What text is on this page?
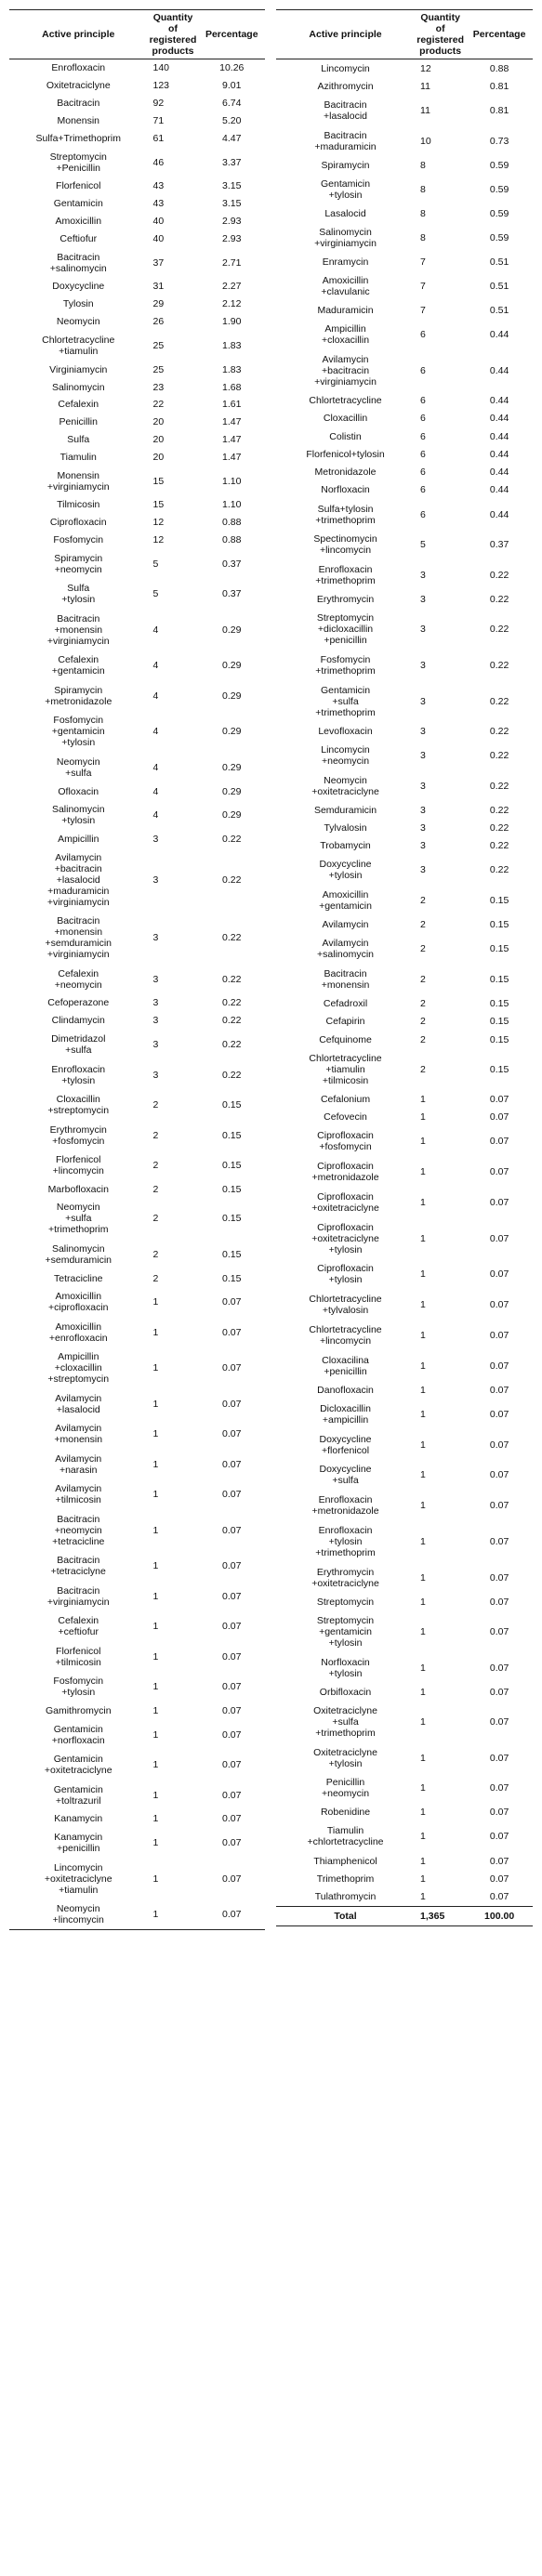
Active principle	Quantity of registered products	Percentage
Enrofloxacin	140	10.26
Oxitetraciclyne	123	9.01
Bacitracin	92	6.74
Monensin	71	5.20
Sulfa+Trimethoprim	61	4.47
Streptomycin
+Penicillin	46	3.37
Florfenicol	43	3.15
Gentamicin	43	3.15
Amoxicillin	40	2.93
Ceftiofur	40	2.93
Bacitracin
+salinomycin	37	2.71
Doxycycline	31	2.27
Tylosin	29	2.12
Neomycin	26	1.90
Chlortetracycline
+tiamulin	25	1.83
Virginiamycin	25	1.83
Salinomycin	23	1.68
Cefalexin	22	1.61
Penicillin	20	1.47
Sulfa	20	1.47
Tiamulin	20	1.47
Monensin
+virginiamycin	15	1.10
Tilmicosin	15	1.10
Ciprofloxacin	12	0.88
Fosfomycin	12	0.88
Spiramycin
+neomycin	5	0.37
Sulfa
+tylosin	5	0.37
Bacitracin
+monensin
+virginiamycin	4	0.29
Cefalexin
+gentamicin	4	0.29
Spiramycin
+metronidazole	4	0.29
Fosfomycin
+gentamicin
+tylosin	4	0.29
Neomycin
+sulfa	4	0.29
Ofloxacin	4	0.29
Salinomycin
+tylosin	4	0.29
Ampicillin	3	0.22
Avilamycin
+bacitracin
+lasalocid
+maduramicin
+virginiamycin	3	0.22
Bacitracin
+monensin
+semduramicin
+virginiamycin	3	0.22
Cefalexin
+neomycin	3	0.22
Cefoperazone	3	0.22
Clindamycin	3	0.22
Dimetridazol
+sulfa	3	0.22
Enrofloxacin
+tylosin	3	0.22
Cloxacillin
+streptomycin	2	0.15
Erythromycin
+fosfomycin	2	0.15
Florfenicol
+lincomycin	2	0.15
Marbofloxacin	2	0.15
Neomycin
+sulfa
+trimethoprim	2	0.15
Salinomycin
+semduramicin	2	0.15
Tetracicline	2	0.15
Amoxicillin
+ciprofloxacin	1	0.07
Amoxicillin
+enrofloxacin	1	0.07
Ampicillin
+cloxacillin
+streptomycin	1	0.07
Avilamycin
+lasalocid	1	0.07
Avilamycin
+monensin	1	0.07
Avilamycin
+narasin	1	0.07
Avilamycin
+tilmicosin	1	0.07
Bacitracin
+neomycin
+tetracicline	1	0.07
Bacitracin
+tetraciclyne	1	0.07
Bacitracin
+virginiamycin	1	0.07
Cefalexin
+ceftiofur	1	0.07
Florfenicol
+tilmicosin	1	0.07
Fosfomycin
+tylosin	1	0.07
Gamithromycin	1	0.07
Gentamicin
+norfloxacin	1	0.07
Gentamicin
+oxitetraciclyne	1	0.07
Gentamicin
+toltrazuril	1	0.07
Kanamycin	1	0.07
Kanamycin
+penicillin	1	0.07
Lincomycin
+oxitetraciclyne
+tiamulin	1	0.07
Neomycin
+lincomycin	1	0.07
Active principle	Quantity of registered products	Percentage
Lincomycin	12	0.88
Azithromycin	11	0.81
Bacitracin
+lasalocid	11	0.81
Bacitracin
+maduramicin	10	0.73
Spiramycin	8	0.59
Gentamicin
+tylosin	8	0.59
Lasalocid	8	0.59
Salinomycin
+virginiamycin	8	0.59
Enramycin	7	0.51
Amoxicillin
+clavulanic	7	0.51
Maduramicin	7	0.51
Ampicillin
+cloxacillin	6	0.44
Avilamycin
+bacitracin
+virginiamycin	6	0.44
Chlortetracycline	6	0.44
Cloxacillin	6	0.44
Colistin	6	0.44
Florfenicol+tylosin	6	0.44
Metronidazole	6	0.44
Norfloxacin	6	0.44
Sulfa+tylosin
+trimethoprim	6	0.44
Spectinomycin
+lincomycin	5	0.37
Enrofloxacin
+trimethoprim	3	0.22
Erythromycin	3	0.22
Streptomycin
+dicloxacillin
+penicillin	3	0.22
Fosfomycin
+trimethoprim	3	0.22
Gentamicin
+sulfa
+trimethoprim	3	0.22
Levofloxacin	3	0.22
Lincomycin
+neomycin	3	0.22
Neomycin
+oxitetraciclyne	3	0.22
Semduramicin	3	0.22
Tylvalosin	3	0.22
Trobamycin	3	0.22
Doxycycline
+tylosin	3	0.22
Amoxicillin
+gentamicin	2	0.15
Avilamycin	2	0.15
Avilamycin
+salinomycin	2	0.15
Bacitracin
+monensin	2	0.15
Cefadroxil	2	0.15
Cefapirin	2	0.15
Cefquinome	2	0.15
Chlortetracycline
+tiamulin
+tilmicosin	2	0.15
Cefalonium	1	0.07
Cefovecin	1	0.07
Ciprofloxacin
+fosfomycin	1	0.07
Ciprofloxacin
+metronidazole	1	0.07
Ciprofloxacin
+oxitetraciclyne	1	0.07
Ciprofloxacin
+oxitetraciclyne
+tylosin	1	0.07
Ciprofloxacin
+tylosin	1	0.07
Chlortetracycline
+tylvalosin	1	0.07
Chlortetracycline
+lincomycin	1	0.07
Cloxacilina
+penicillin	1	0.07
Danofloxacin	1	0.07
Dicloxacillin
+ampicillin	1	0.07
Doxycycline
+florfenicol	1	0.07
Doxycycline
+sulfa	1	0.07
Enrofloxacin
+metronidazole	1	0.07
Enrofloxacin
+tylosin
+trimethoprim	1	0.07
Erythromycin
+oxitetraciclyne	1	0.07
Streptomycin	1	0.07
Streptomycin
+gentamicin
+tylosin	1	0.07
Norfloxacin
+tylosin	1	0.07
Orbifloxacin	1	0.07
Oxitetraciclyne
+sulfa
+trimethoprim	1	0.07
Oxitetraciclyne
+tylosin	1	0.07
Penicillin
+neomycin	1	0.07
Robenidine	1	0.07
Tiamulin
+chlortetracycline	1	0.07
Thiamphenicol	1	0.07
Trimethoprim	1	0.07
Tulathromycin	1	0.07
Total	1,365	100.00
